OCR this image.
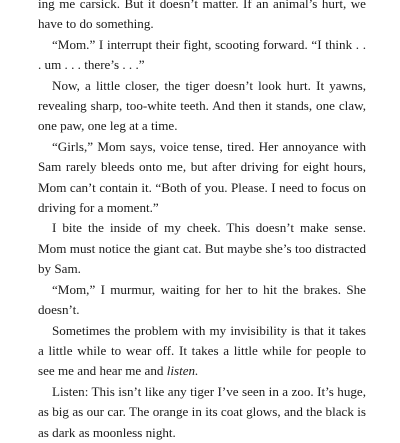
ing me carsick. But it doesn’t matter. If an animal’s hurt, we have to do something.

“Mom.” I interrupt their fight, scooting forward. “I think . . . um . . . there’s . . .”

Now, a little closer, the tiger doesn’t look hurt. It yawns, revealing sharp, too-white teeth. And then it stands, one claw, one paw, one leg at a time.

“Girls,” Mom says, voice tense, tired. Her annoyance with Sam rarely bleeds onto me, but after driving for eight hours, Mom can’t contain it. “Both of you. Please. I need to focus on driving for a moment.”

I bite the inside of my cheek. This doesn’t make sense. Mom must notice the giant cat. But maybe she’s too distracted by Sam.

“Mom,” I murmur, waiting for her to hit the brakes. She doesn’t.

Sometimes the problem with my invisibility is that it takes a little while to wear off. It takes a little while for people to see me and hear me and listen.

Listen: This isn’t like any tiger I’ve seen in a zoo. It’s huge, as big as our car. The orange in its coat glows, and the black is as dark as moonless night.
